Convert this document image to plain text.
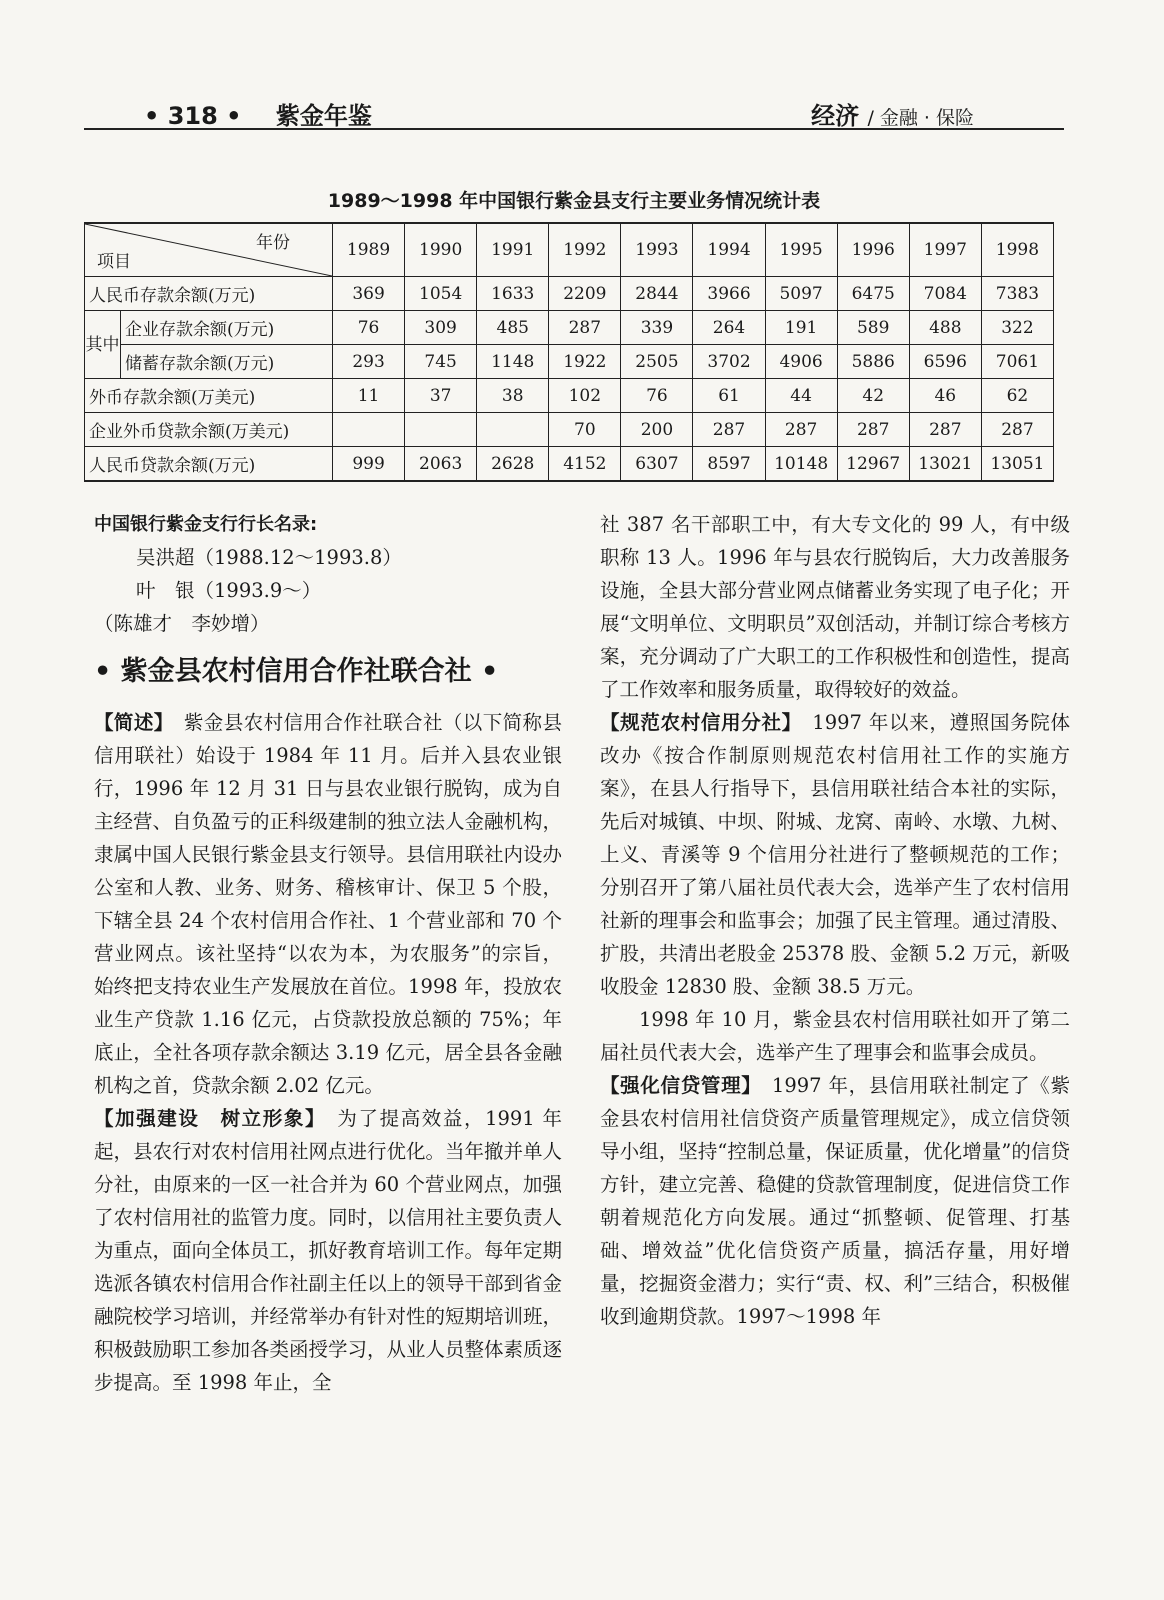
• 318 • 紫金年鉴	经济 / 金融 · 保险
1989～1998 年中国银行紫金县支行主要业务情况统计表
年份
项目		1989	1990	1991	1992	1993	1994	1995	1996	1997	1998
人民币存款余额(万元)		369	1054	1633	2209	2844	3966	5097	6475	7084	7383
其中	企业存款余额(万元)	76	309	485	287	339	264	191	589	488	322
	储蓄存款余额(万元)	293	745	1148	1922	2505	3702	4906	5886	6596	7061
外币存款余额(万美元)		11	37	38	102	76	61	44	42	46	62
企业外币贷款余额(万美元)					70	200	287	287	287	287	287
人民币贷款余额(万元)		999	2063	2628	4152	6307	8597	10148	12967	13021	13051

中国银行紫金支行行长名录:

吴洪超（1988.12～1993.8）

叶　银（1993.9～）

（陈雄才　李妙增）

• 紫金县农村信用合作社联合社 •

【简述】　紫金县农村信用合作社联合社（以下简称县信用联社）始设于 1984 年 11 月。后并入县农业银行，1996 年 12 月 31 日与县农业银行脱钩，成为自主经营、自负盈亏的正科级建制的独立法人金融机构，隶属中国人民银行紫金县支行领导。县信用联社内设办公室和人教、业务、财务、稽核审计、保卫 5 个股，下辖全县 24 个农村信用合作社、1 个营业部和 70 个营业网点。该社坚持“以农为本，为农服务”的宗旨，始终把支持农业生产发展放在首位。1998 年，投放农业生产贷款 1.16 亿元，占贷款投放总额的 75%；年底止，全社各项存款余额达 3.19 亿元，居全县各金融机构之首，贷款余额 2.02 亿元。

【加强建设　树立形象】　为了提高效益，1991 年起，县农行对农村信用社网点进行优化。当年撤并单人分社，由原来的一区一社合并为 60 个营业网点，加强了农村信用社的监管力度。同时，以信用社主要负责人为重点，面向全体员工，抓好教育培训工作。每年定期选派各镇农村信用合作社副主任以上的领导干部到省金融院校学习培训，并经常举办有针对性的短期培训班，积极鼓励职工参加各类函授学习，从业人员整体素质逐步提高。至 1998 年止，全

社 387 名干部职工中，有大专文化的 99 人，有中级职称 13 人。1996 年与县农行脱钩后，大力改善服务设施，全县大部分营业网点储蓄业务实现了电子化；开展“文明单位、文明职员”双创活动，并制订综合考核方案，充分调动了广大职工的工作积极性和创造性，提高了工作效率和服务质量，取得较好的效益。

【规范农村信用分社】　1997 年以来，遵照国务院体改办《按合作制原则规范农村信用社工作的实施方案》，在县人行指导下，县信用联社结合本社的实际，先后对城镇、中坝、附城、龙窝、南岭、水墩、九树、上义、青溪等 9 个信用分社进行了整顿规范的工作；分别召开了第八届社员代表大会，选举产生了农村信用社新的理事会和监事会；加强了民主管理。通过清股、扩股，共清出老股金 25378 股、金额 5.2 万元，新吸收股金 12830 股、金额 38.5 万元。

1998 年 10 月，紫金县农村信用联社如开了第二届社员代表大会，选举产生了理事会和监事会成员。

【强化信贷管理】　1997 年，县信用联社制定了《紫金县农村信用社信贷资产质量管理规定》，成立信贷领导小组，坚持“控制总量，保证质量，优化增量”的信贷方针，建立完善、稳健的贷款管理制度，促进信贷工作朝着规范化方向发展。通过“抓整顿、促管理、打基础、增效益”优化信贷资产质量，搞活存量，用好增量，挖掘资金潜力；实行“责、权、利”三结合，积极催收到逾期贷款。1997～1998 年
